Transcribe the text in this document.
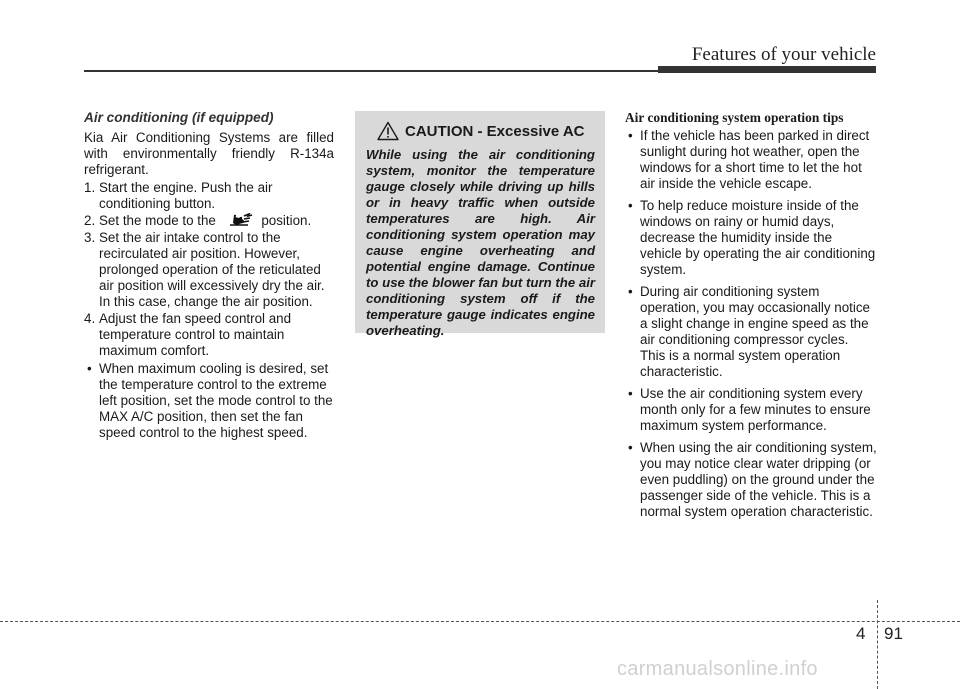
Features of your vehicle
Air conditioning (if equipped)

Kia Air Conditioning Systems are filled with environmentally friendly R-134a refrigerant.

1. Start the engine. Push the air conditioning button.
2. Set the mode to the	position.
3. Set the air intake control to the recirculated air position. However, prolonged operation of the reticulated air position will excessively dry the air. In this case, change the air position.
4. Adjust the fan speed control and temperature control to maintain maximum comfort.
• When maximum cooling is desired, set the temperature control to the extreme left position, set the mode control to the MAX A/C position, then set the fan speed control to the highest speed.
CAUTION - Excessive AC

While using the air conditioning system, monitor the temperature gauge closely while driving up hills or in heavy traffic when outside temperatures are high. Air conditioning system operation may cause engine overheating and potential engine damage. Continue to use the blower fan but turn the air conditioning system off if the temperature gauge indicates engine overheating.

Air conditioning system operation tips
• If the vehicle has been parked in direct sunlight during hot weather, open the windows for a short time to let the hot air inside the vehicle escape.
• To help reduce moisture inside of the windows on rainy or humid days, decrease the humidity inside the vehicle by operating the air conditioning system.
• During air conditioning system operation, you may occasionally notice a slight change in engine speed as the air conditioning compressor cycles. This is a normal system operation characteristic.
• Use the air conditioning system every month only for a few minutes to ensure maximum system performance.
• When using the air conditioning system, you may notice clear water dripping (or even puddling) on the ground under the passenger side of the vehicle. This is a normal system operation characteristic.
4 91
carmanualsonline.info
